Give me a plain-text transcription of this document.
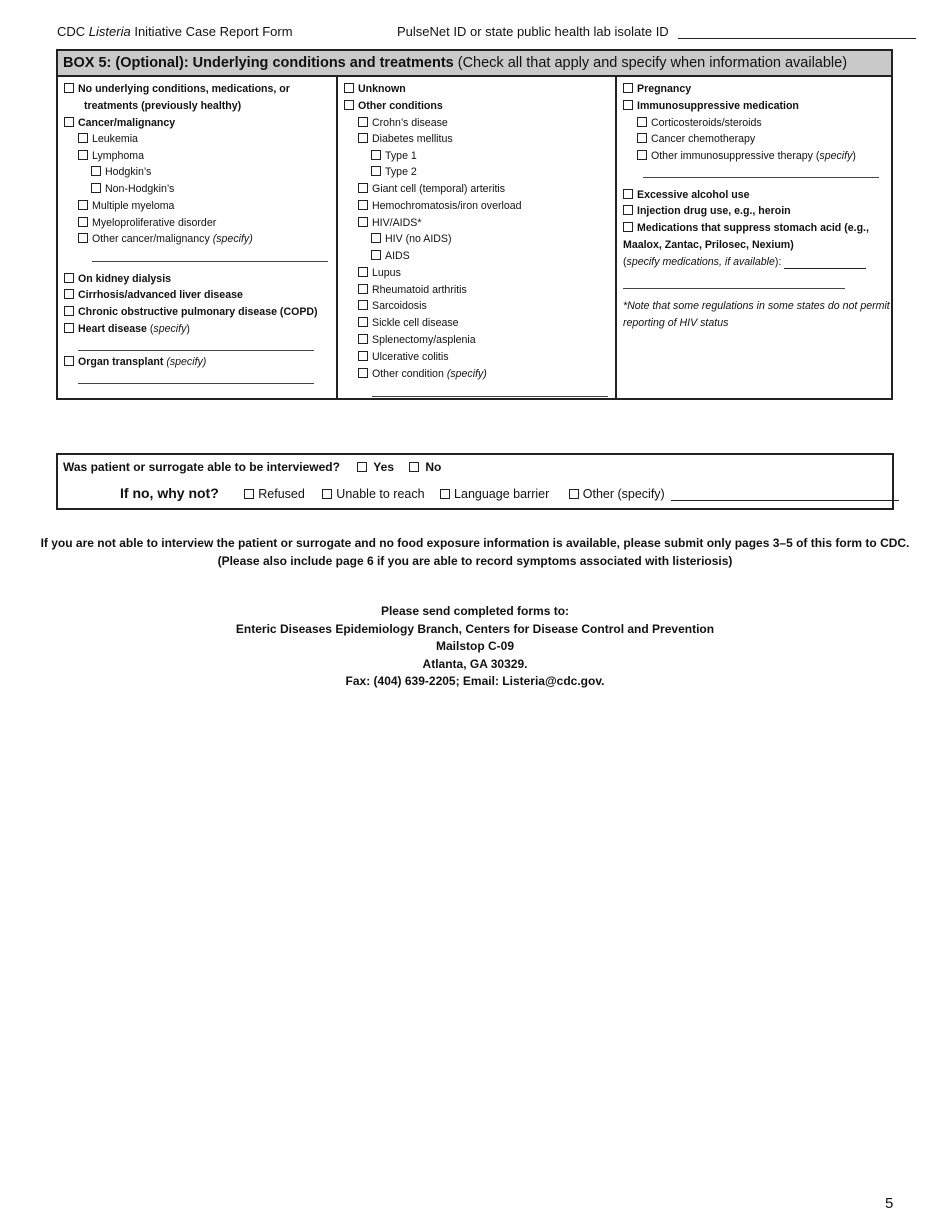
CDC Listeria Initiative Case Report Form	PulseNet ID or state public health lab isolate ID
BOX 5: (Optional): Underlying conditions and treatments (Check all that apply and specify when information available)
No underlying conditions, medications, or
treatments (previously healthy)
Cancer/malignancy
Leukemia
Lymphoma
Hodgkin’s
Non-Hodgkin’s
Multiple myeloma
Myeloproliferative disorder
Other cancer/malignancy (specify)
On kidney dialysis
Cirrhosis/advanced liver disease
Chronic obstructive pulmonary disease (COPD)
Heart disease (specify)
Organ transplant (specify)
Unknown
Other conditions
Crohn’s disease
Diabetes mellitus
Type 1
Type 2
Giant cell (temporal) arteritis
Hemochromatosis/iron overload
HIV/AIDS*
HIV (no AIDS)
AIDS
Lupus
Rheumatoid arthritis
Sarcoidosis
Sickle cell disease
Splenectomy/asplenia
Ulcerative colitis
Other condition (specify)
Pregnancy
Immunosuppressive medication
Corticosteroids/steroids
Cancer chemotherapy
Other immunosuppressive therapy (specify)
Excessive alcohol use
Injection drug use, e.g., heroin
Medications that suppress stomach acid (e.g.,
Maalox, Zantac, Prilosec, Nexium)
(specify medications, if available):
*Note that some regulations in some states do not permit
reporting of HIV status
Was patient or surrogate able to be interviewed?	Yes	No
If no, why not?	Refused	Unable to reach Language barrier	Other (specify)
If you are not able to interview the patient or surrogate and no food exposure information is available, please submit only pages 3–5 of this form to CDC.
(Please also include page 6 if you are able to record symptoms associated with listeriosis)
Please send completed forms to:
Enteric Diseases Epidemiology Branch, Centers for Disease Control and Prevention
Mailstop C-09
Atlanta, GA 30329.
Fax: (404) 639-2205; Email: Listeria@cdc.gov.
5
